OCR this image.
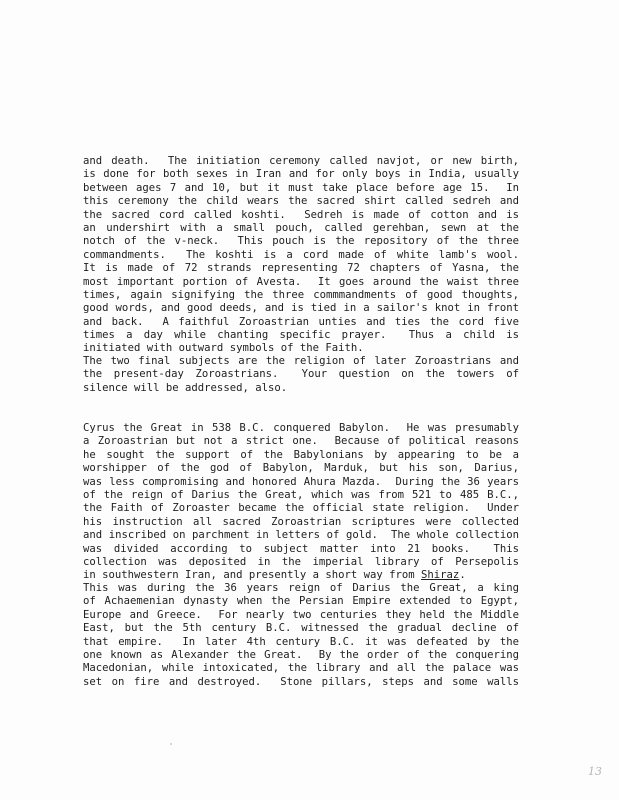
and death.  The initiation ceremony called navjot, or new birth,
is done for both sexes in Iran and for only boys in India, usually
between ages 7 and 10, but it must take place before age 15.  In
this ceremony the child wears the sacred shirt called sedreh and
the sacred cord called koshti.  Sedreh is made of cotton and is
an undershirt with a small pouch, called gerehban, sewn at the
notch of the v-neck.  This pouch is the repository of the three
commandments.  The koshti is a cord made of white lamb's wool.
It is made of 72 strands representing 72 chapters of Yasna, the
most important portion of Avesta.  It goes around the waist three
times, again signifying the three commmandments of good thoughts,
good words, and good deeds, and is tied in a sailor's knot in front
and back.  A faithful Zoroastrian unties and ties the cord five
times a day while chanting specific prayer.  Thus a child is
initiated with outward symbols of the Faith.
The two final subjects are the religion of later Zoroastrians and
the present-day Zoroastrians.  Your question on the towers of
silence will be addressed, also.
Cyrus the Great in 538 B.C. conquered Babylon.  He was presumably
a Zoroastrian but not a strict one.  Because of political reasons
he sought the support of the Babylonians by appearing to be a
worshipper of the god of Babylon, Marduk, but his son, Darius,
was less compromising and honored Ahura Mazda.  During the 36 years
of the reign of Darius the Great, which was from 521 to 485 B.C.,
the Faith of Zoroaster became the official state religion.  Under
his instruction all sacred Zoroastrian scriptures were collected
and inscribed on parchment in letters of gold.  The whole collection
was divided according to subject matter into 21 books.  This
collection was deposited in the imperial library of Persepolis
in southwestern Iran, and presently a short way from Shiraz.
This was during the 36 years reign of Darius the Great, a king
of Achaemenian dynasty when the Persian Empire extended to Egypt,
Europe and Greece.  For nearly two centuries they held the Middle
East, but the 5th century B.C. witnessed the gradual decline of
that empire.  In later 4th century B.C. it was defeated by the
one known as Alexander the Great.  By the order of the conquering
Macedonian, while intoxicated, the library and all the palace was
set on fire and destroyed.  Stone pillars, steps and some walls
13
